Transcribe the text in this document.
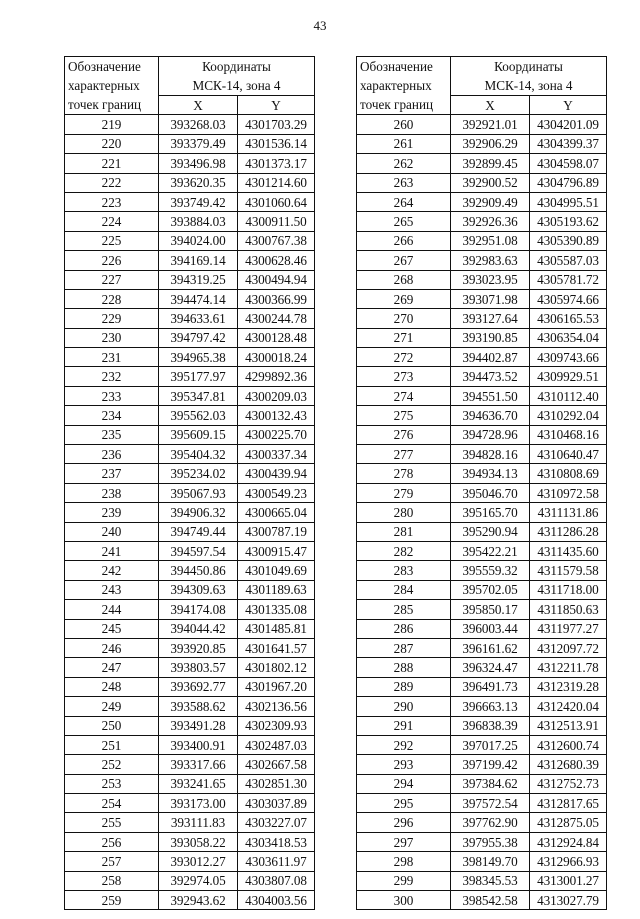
43
Обозначение
характерных
точек границ	Координаты
МСК-14, зона 4	

	X	Y
219	393268.03	4301703.29
220	393379.49	4301536.14
221	393496.98	4301373.17
222	393620.35	4301214.60
223	393749.42	4301060.64
224	393884.03	4300911.50
225	394024.00	4300767.38
226	394169.14	4300628.46
227	394319.25	4300494.94
228	394474.14	4300366.99
229	394633.61	4300244.78
230	394797.42	4300128.48
231	394965.38	4300018.24
232	395177.97	4299892.36
233	395347.81	4300209.03
234	395562.03	4300132.43
235	395609.15	4300225.70
236	395404.32	4300337.34
237	395234.02	4300439.94
238	395067.93	4300549.23
239	394906.32	4300665.04
240	394749.44	4300787.19
241	394597.54	4300915.47
242	394450.86	4301049.69
243	394309.63	4301189.63
244	394174.08	4301335.08
245	394044.42	4301485.81
246	393920.85	4301641.57
247	393803.57	4301802.12
248	393692.77	4301967.20
249	393588.62	4302136.56
250	393491.28	4302309.93
251	393400.91	4302487.03
252	393317.66	4302667.58
253	393241.65	4302851.30
254	393173.00	4303037.89
255	393111.83	4303227.07
256	393058.22	4303418.53
257	393012.27	4303611.97
258	392974.05	4303807.08
259	392943.62	4304003.56
Обозначение
характерных
точек границ	Координаты
МСК-14, зона 4	

	X	Y
260	392921.01	4304201.09
261	392906.29	4304399.37
262	392899.45	4304598.07
263	392900.52	4304796.89
264	392909.49	4304995.51
265	392926.36	4305193.62
266	392951.08	4305390.89
267	392983.63	4305587.03
268	393023.95	4305781.72
269	393071.98	4305974.66
270	393127.64	4306165.53
271	393190.85	4306354.04
272	394402.87	4309743.66
273	394473.52	4309929.51
274	394551.50	4310112.40
275	394636.70	4310292.04
276	394728.96	4310468.16
277	394828.16	4310640.47
278	394934.13	4310808.69
279	395046.70	4310972.58
280	395165.70	4311131.86
281	395290.94	4311286.28
282	395422.21	4311435.60
283	395559.32	4311579.58
284	395702.05	4311718.00
285	395850.17	4311850.63
286	396003.44	4311977.27
287	396161.62	4312097.72
288	396324.47	4312211.78
289	396491.73	4312319.28
290	396663.13	4312420.04
291	396838.39	4312513.91
292	397017.25	4312600.74
293	397199.42	4312680.39
294	397384.62	4312752.73
295	397572.54	4312817.65
296	397762.90	4312875.05
297	397955.38	4312924.84
298	398149.70	4312966.93
299	398345.53	4313001.27
300	398542.58	4313027.79
